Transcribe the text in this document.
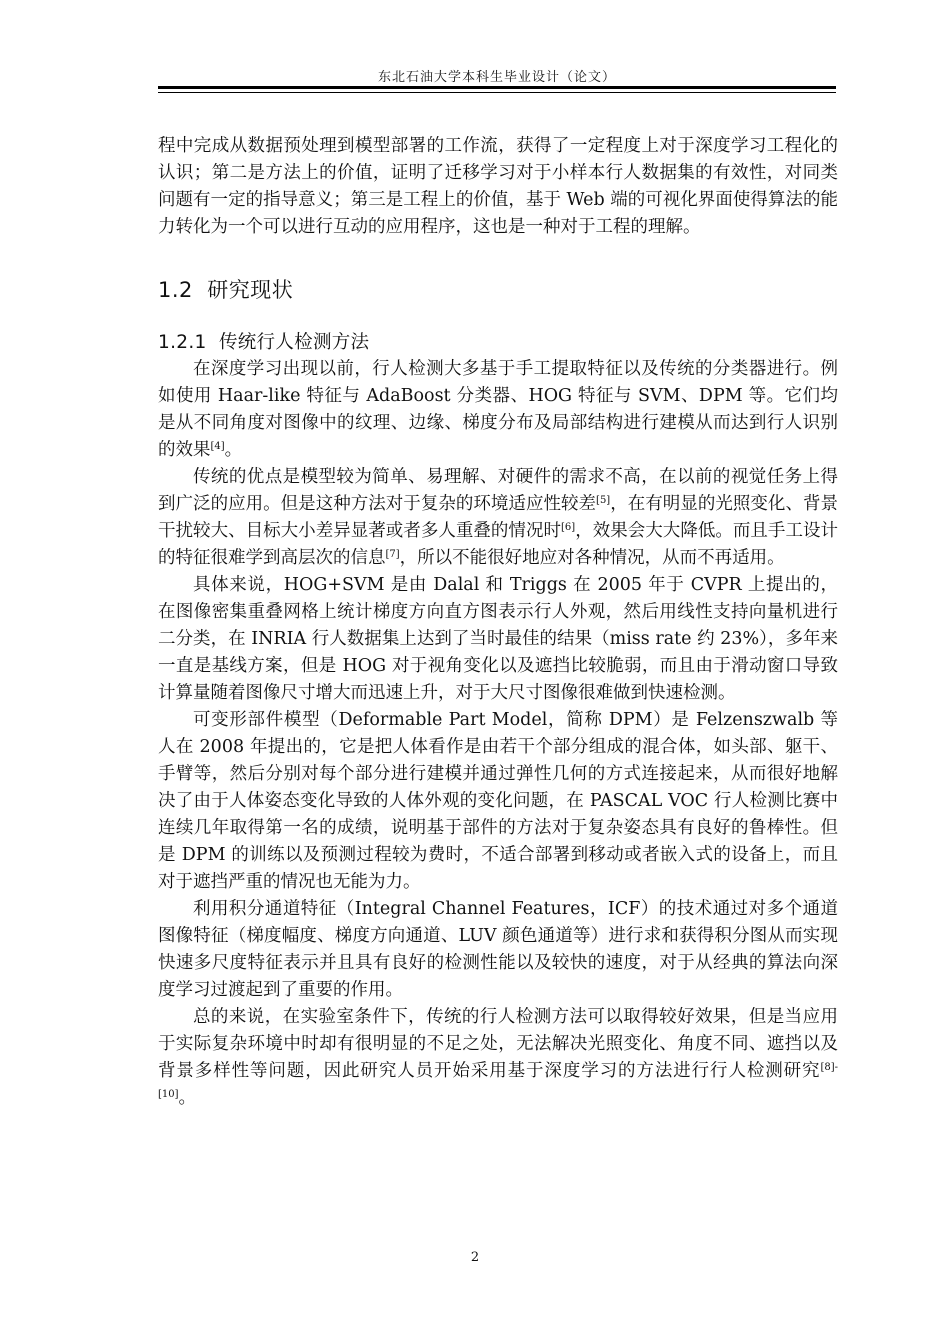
东北石油大学本科生毕业设计（论文）

程中完成从数据预处理到模型部署的工作流，获得了一定程度上对于深度学习工程化的认识；第二是方法上的价值，证明了迁移学习对于小样本行人数据集的有效性，对同类问题有一定的指导意义；第三是工程上的价值，基于 Web 端的可视化界面使得算法的能力转化为一个可以进行互动的应用程序，这也是一种对于工程的理解。

1.2 研究现状
1.2.1 传统行人检测方法

在深度学习出现以前，行人检测大多基于手工提取特征以及传统的分类器进行。例如使用 Haar-like 特征与 AdaBoost 分类器、HOG 特征与 SVM、DPM 等。它们均是从不同角度对图像中的纹理、边缘、梯度分布及局部结构进行建模从而达到行人识别的效果[4]。

传统的优点是模型较为简单、易理解、对硬件的需求不高，在以前的视觉任务上得到广泛的应用。但是这种方法对于复杂的环境适应性较差[5]，在有明显的光照变化、背景干扰较大、目标大小差异显著或者多人重叠的情况时[6]，效果会大大降低。而且手工设计的特征很难学到高层次的信息[7]，所以不能很好地应对各种情况，从而不再适用。

具体来说，HOG+SVM 是由 Dalal 和 Triggs 在 2005 年于 CVPR 上提出的，在图像密集重叠网格上统计梯度方向直方图表示行人外观，然后用线性支持向量机进行二分类，在 INRIA 行人数据集上达到了当时最佳的结果（miss rate 约 23%），多年来一直是基线方案，但是 HOG 对于视角变化以及遮挡比较脆弱，而且由于滑动窗口导致计算量随着图像尺寸增大而迅速上升，对于大尺寸图像很难做到快速检测。

可变形部件模型（Deformable Part Model，简称 DPM）是 Felzenszwalb 等人在 2008 年提出的，它是把人体看作是由若干个部分组成的混合体，如头部、躯干、手臂等，然后分别对每个部分进行建模并通过弹性几何的方式连接起来，从而很好地解决了由于人体姿态变化导致的人体外观的变化问题，在 PASCAL VOC 行人检测比赛中连续几年取得第一名的成绩，说明基于部件的方法对于复杂姿态具有良好的鲁棒性。但是 DPM 的训练以及预测过程较为费时，不适合部署到移动或者嵌入式的设备上，而且对于遮挡严重的情况也无能为力。

利用积分通道特征（Integral Channel Features，ICF）的技术通过对多个通道图像特征（梯度幅度、梯度方向通道、LUV 颜色通道等）进行求和获得积分图从而实现快速多尺度特征表示并且具有良好的检测性能以及较快的速度，对于从经典的算法向深度学习过渡起到了重要的作用。

总的来说，在实验室条件下，传统的行人检测方法可以取得较好效果，但是当应用于实际复杂环境中时却有很明显的不足之处，无法解决光照变化、角度不同、遮挡以及背景多样性等问题，因此研究人员开始采用基于深度学习的方法进行行人检测研究[8]-[10]。

2
